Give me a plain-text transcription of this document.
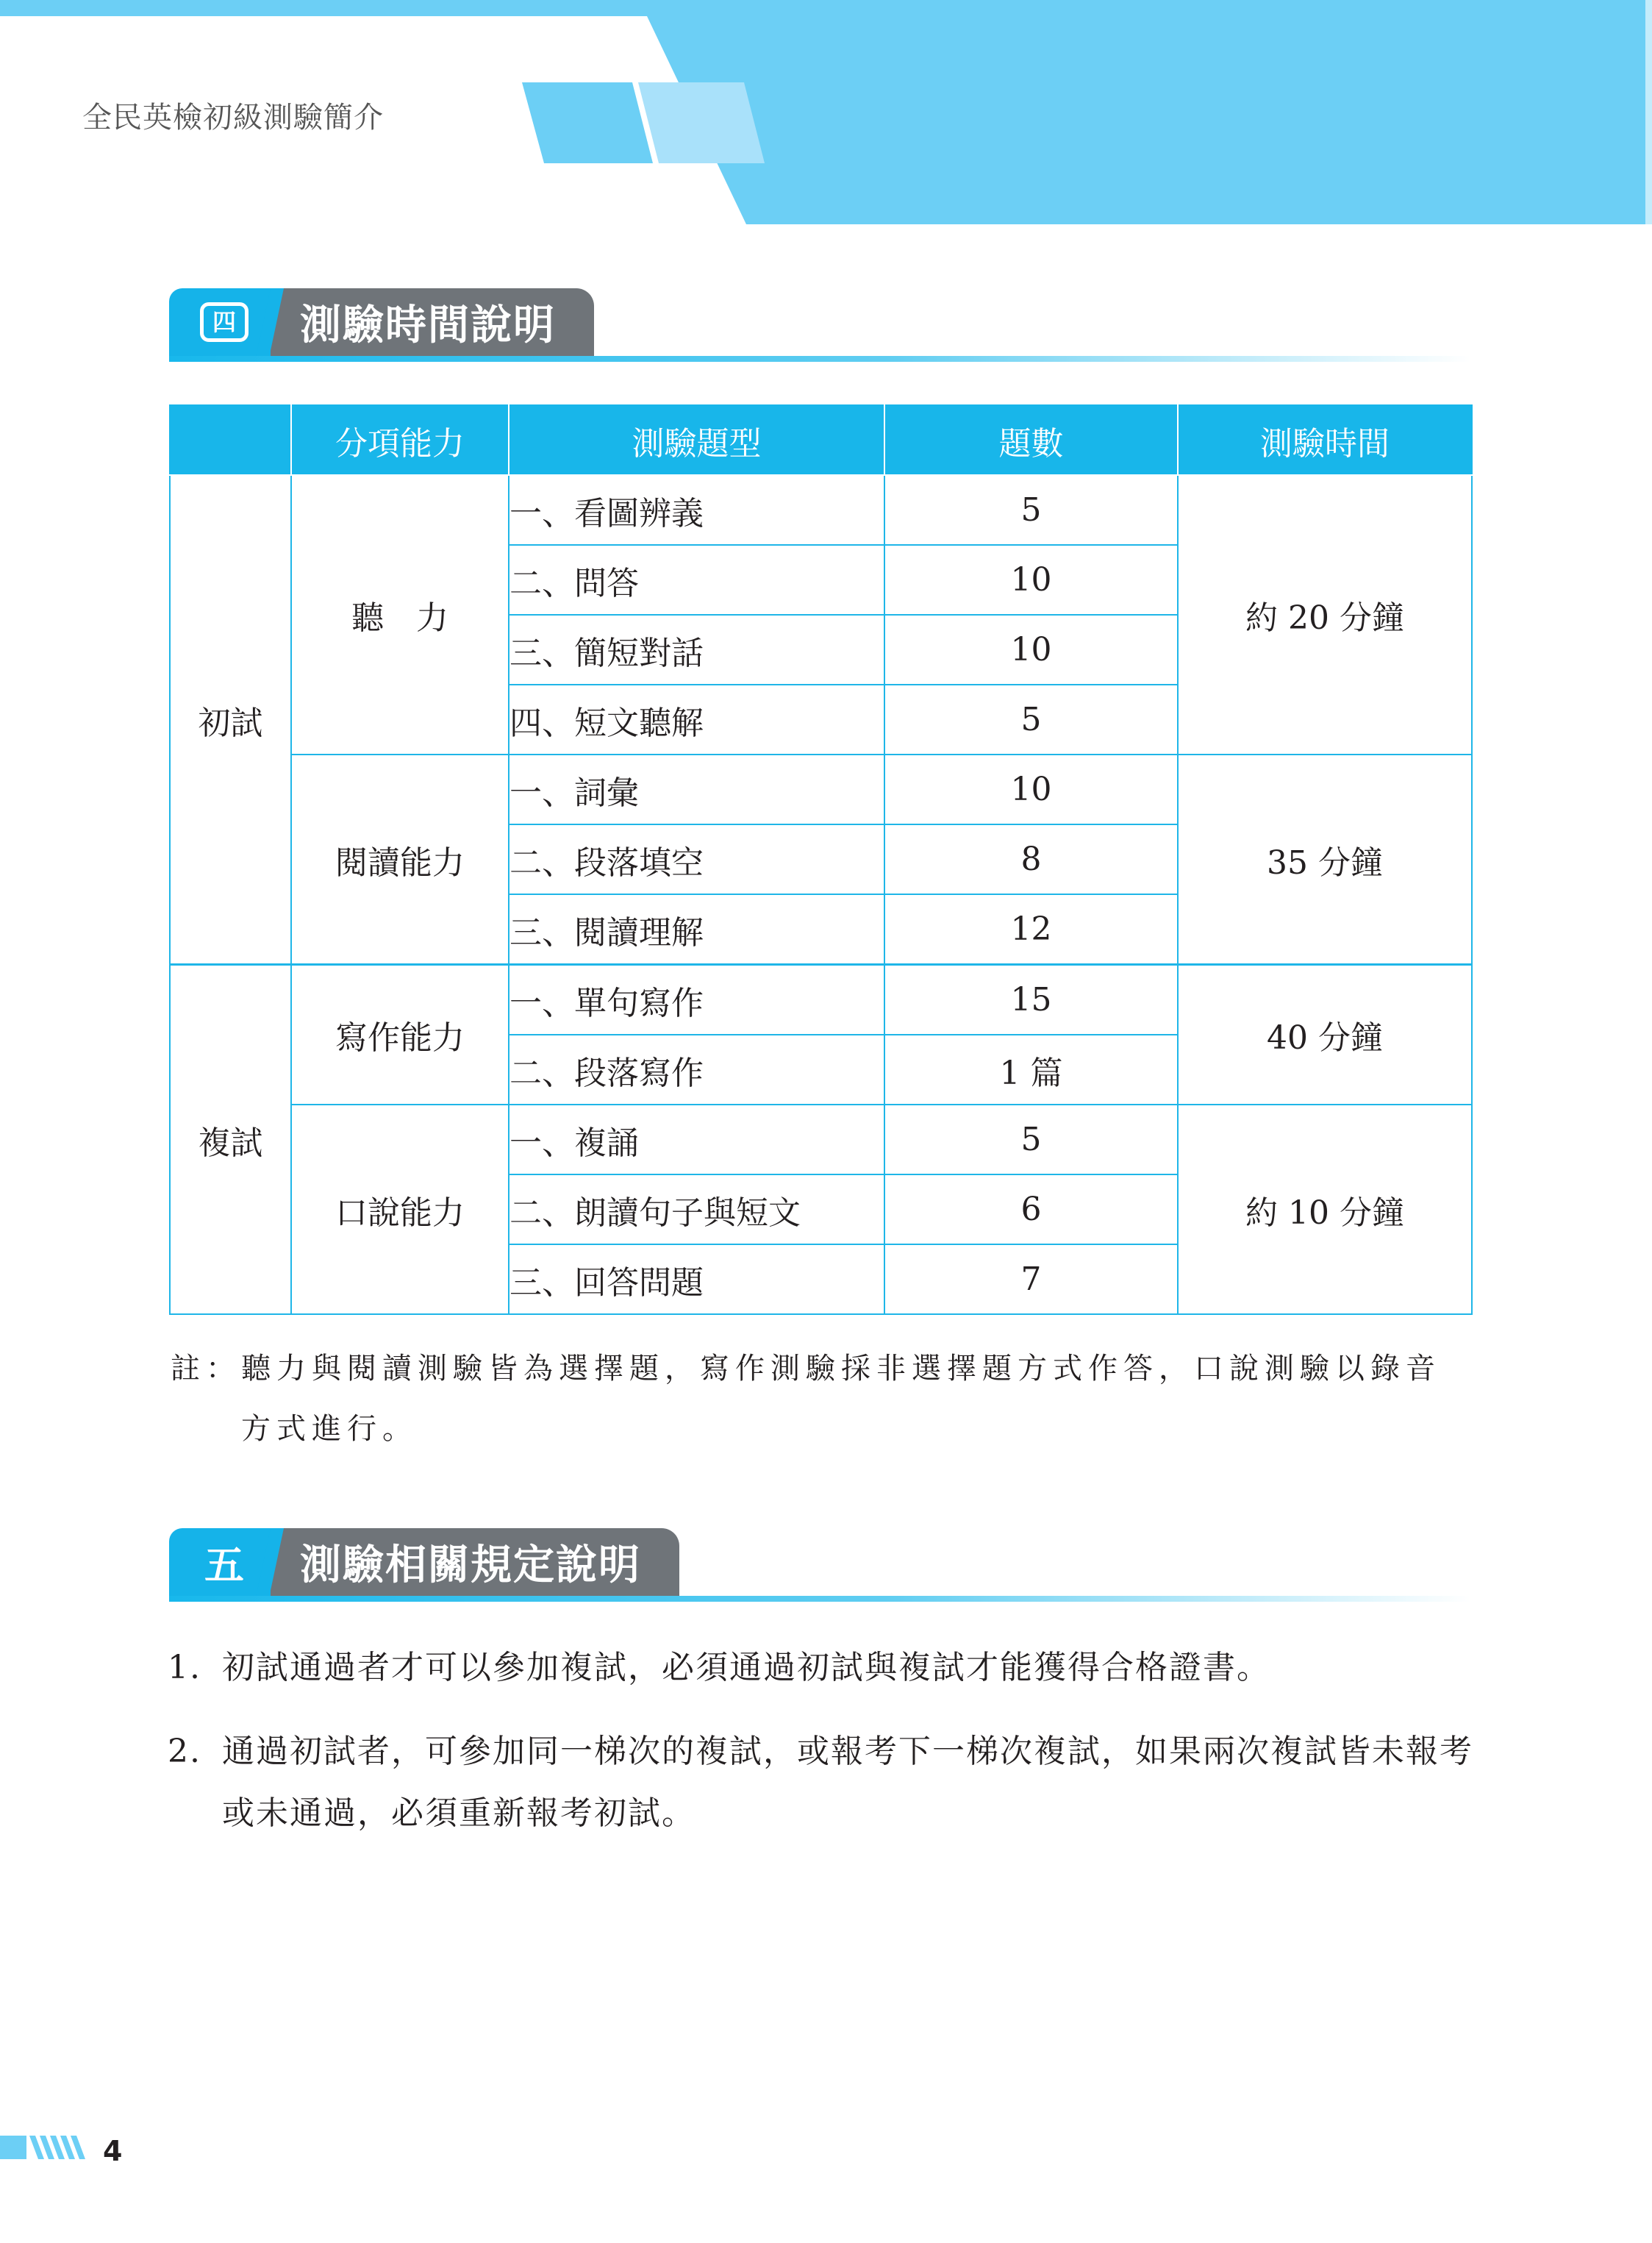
全民英檢初級測驗簡介
四	測驗時間說明
	分項能力	測驗題型	題數	測驗時間
初試	聽　力	一、看圖辨義	5	約 20 分鐘
		二、問答	10	
		三、簡短對話	10	
		四、短文聽解	5	
	閱讀能力	一、詞彙	10	35 分鐘
		二、段落填空	8	
		三、閱讀理解	12	
複試	寫作能力	一、單句寫作	15	40 分鐘
		二、段落寫作	1 篇	
	口說能力	一、複誦	5	約 10 分鐘
		二、朗讀句子與短文	6	
		三、回答問題	7	
註：聽力與閱讀測驗皆為選擇題，寫作測驗採非選擇題方式作答，口說測驗以錄音
方式進行。
五	測驗相關規定說明
1. 初試通過者才可以參加複試，必須通過初試與複試才能獲得合格證書。
2. 通過初試者，可參加同一梯次的複試，或報考下一梯次複試，如果兩次複試皆未報考或未通過，必須重新報考初試。
4
